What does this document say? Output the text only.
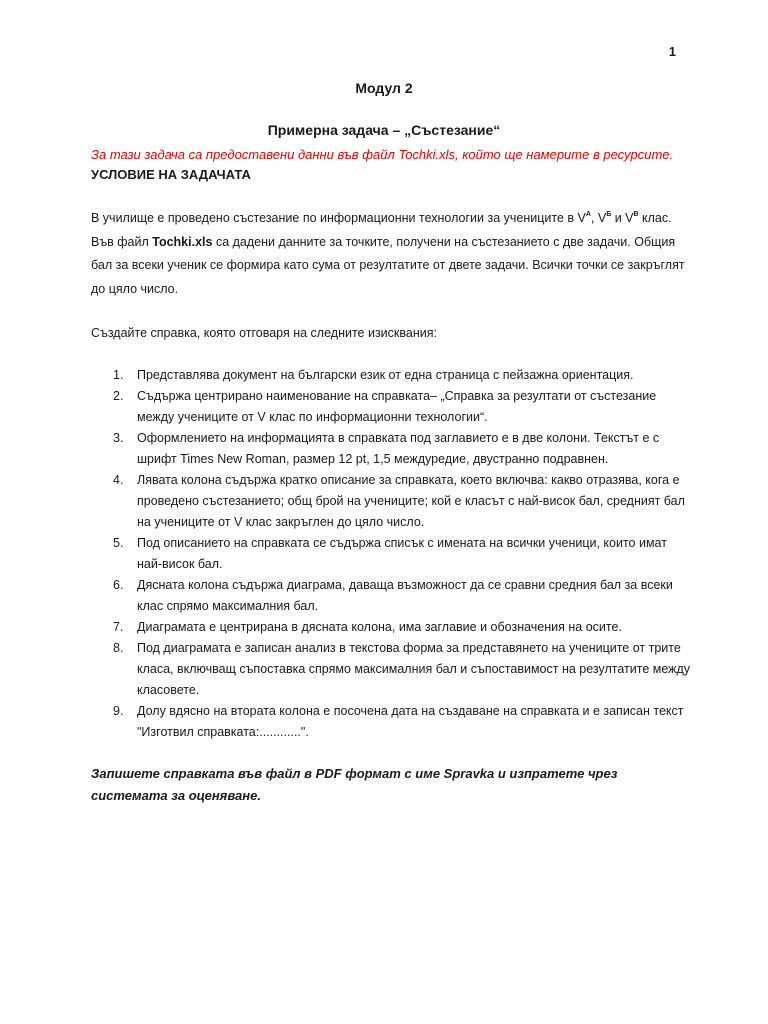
1
Модул 2
Примерна задача – „Състезание“

За тази задача са предоставени данни във файл Tochki.xls, който ще намерите в ресурсите.

УСЛОВИЕ НА ЗАДАЧАТА

В училище е проведено състезание по информационни технологии за учениците в $V^А$, $V^Б$ и $V^В$ клас. Във файл Tochki.xls са дадени данните за точките, получени на състезанието с две задачи. Общия бал за всеки ученик се формира като сума от резултатите от двете задачи. Всички точки се закръглят до цяло число.

Създайте справка, която отговаря на следните изисквания:

1.	Представлява документ на български език от една страница с пейзажна ориентация.
2.	Съдържа центрирано наименование на справката– „Справка за резултати от състезание между учениците от V клас по информационни технологии“.
3.	Оформлението на информацията в справката под заглавието е в две колони. Текстът е с шрифт Times New Roman, размер 12 pt, 1,5 междуредие, двустранно подравнен.
4.	Лявата колона съдържа кратко описание за справката, което включва: какво отразява, кога е проведено състезанието; общ брой на учениците; кой е класът с най-висок бал, средният бал на учениците от V клас закръглен до цяло число.
5.	Под описанието на справката се съдържа списък с имената на всички ученици, които имат най-висок бал.
6.	Дясната колона съдържа диаграма, даваща възможност да се сравни средния бал за всеки клас спрямо максималния бал.
7.	Диаграмата е центрирана в дясната колона, има заглавие и обозначения на осите.
8.	Под диаграмата е записан анализ в текстова форма за представянето на учениците от трите класа, включващ съпоставка спрямо максималния бал и съпоставимост на резултатите между класовете.
9.	Долу вдясно на втората колона е посочена дата на създаване на справката и е записан текст "Изготвил справката:............".

Запишете справката във файл в PDF формат с име Spravka и изпратете чрез системата за оценяване.
